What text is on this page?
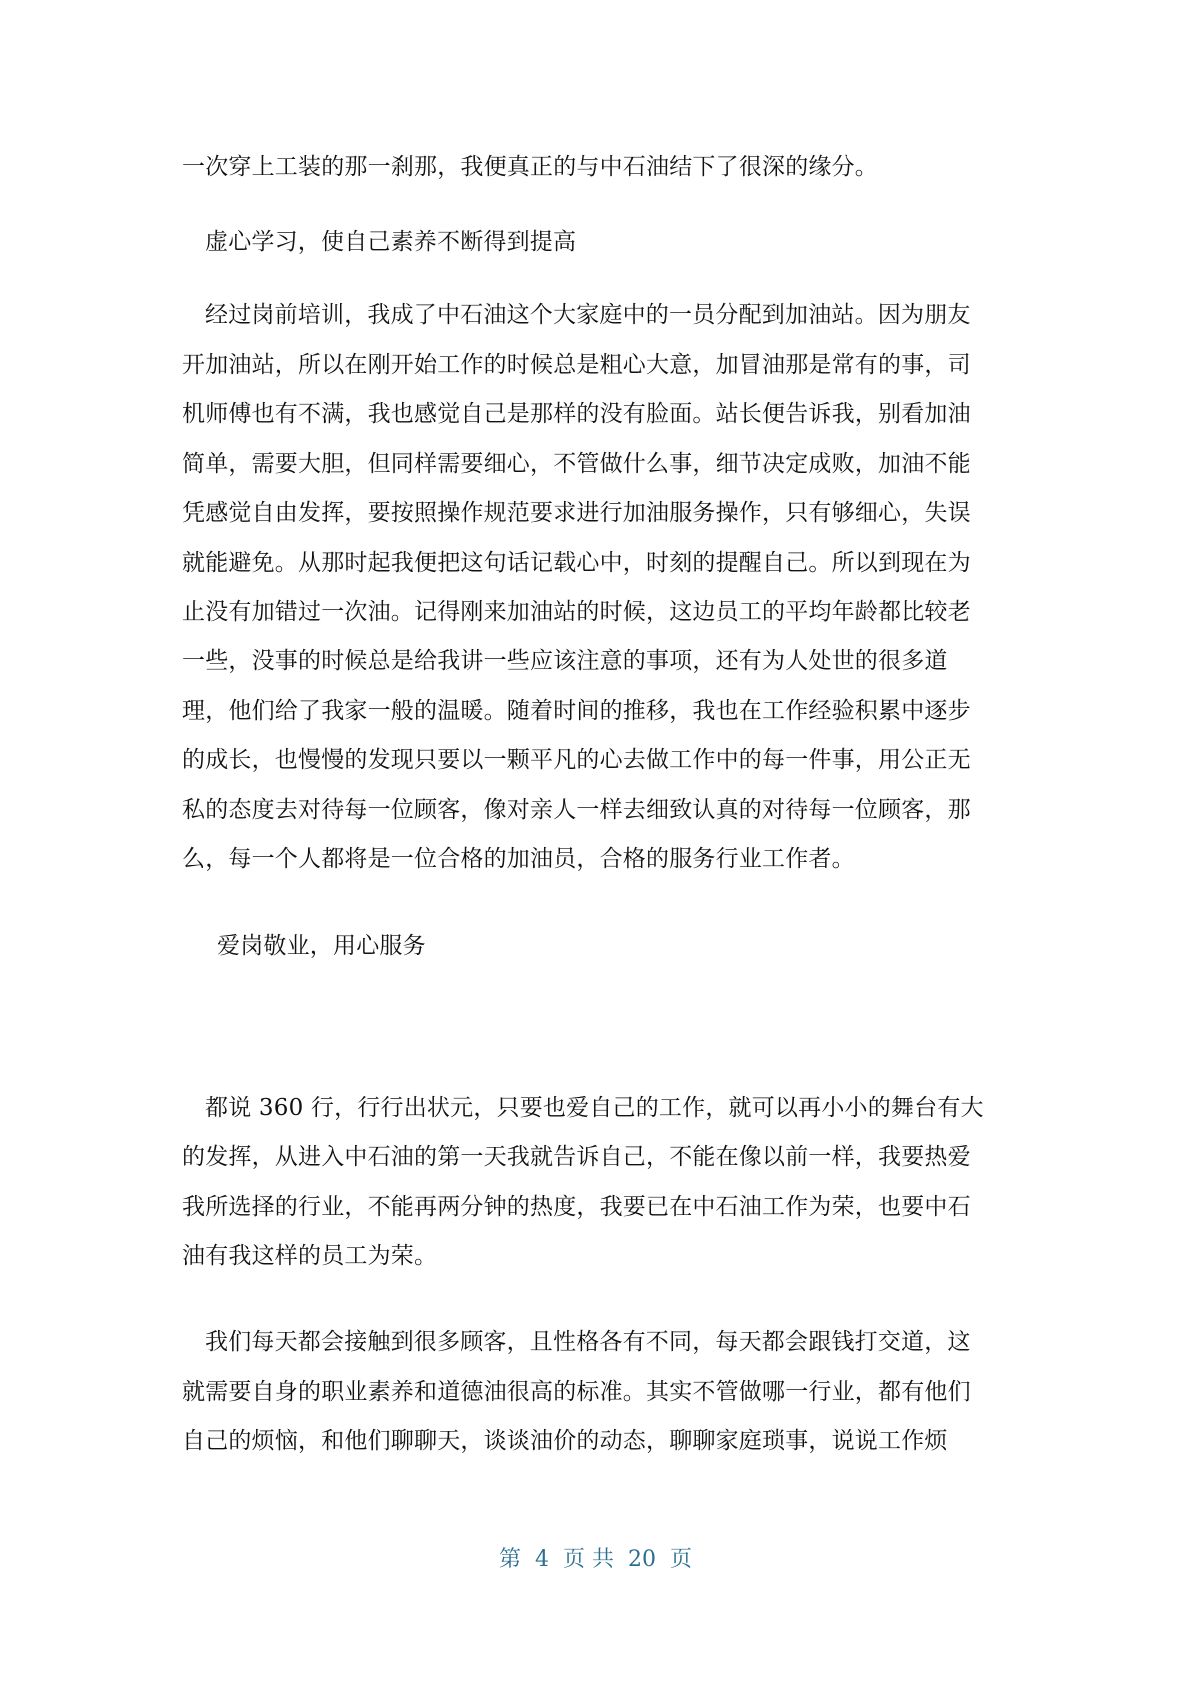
一次穿上工装的那一刹那，我便真正的与中石油结下了很深的缘分。
虚心学习，使自己素养不断得到提高
经过岗前培训，我成了中石油这个大家庭中的一员分配到加油站。因为朋友
开加油站，所以在刚开始工作的时候总是粗心大意，加冒油那是常有的事，司
机师傅也有不满，我也感觉自己是那样的没有脸面。站长便告诉我，别看加油
简单，需要大胆，但同样需要细心，不管做什么事，细节决定成败，加油不能
凭感觉自由发挥，要按照操作规范要求进行加油服务操作，只有够细心，失误
就能避免。从那时起我便把这句话记载心中，时刻的提醒自己。所以到现在为
止没有加错过一次油。记得刚来加油站的时候，这边员工的平均年龄都比较老
一些，没事的时候总是给我讲一些应该注意的事项，还有为人处世的很多道
理，他们给了我家一般的温暖。随着时间的推移，我也在工作经验积累中逐步
的成长，也慢慢的发现只要以一颗平凡的心去做工作中的每一件事，用公正无
私的态度去对待每一位顾客，像对亲人一样去细致认真的对待每一位顾客，那
么，每一个人都将是一位合格的加油员，合格的服务行业工作者。
爱岗敬业，用心服务
都说 360 行，行行出状元，只要也爱自己的工作，就可以再小小的舞台有大
的发挥，从进入中石油的第一天我就告诉自己，不能在像以前一样，我要热爱
我所选择的行业，不能再两分钟的热度，我要已在中石油工作为荣，也要中石
油有我这样的员工为荣。
我们每天都会接触到很多顾客，且性格各有不同，每天都会跟钱打交道，这
就需要自身的职业素养和道德油很高的标准。其实不管做哪一行业，都有他们
自己的烦恼，和他们聊聊天，谈谈油价的动态，聊聊家庭琐事，说说工作烦
第  4  页 共  20  页
